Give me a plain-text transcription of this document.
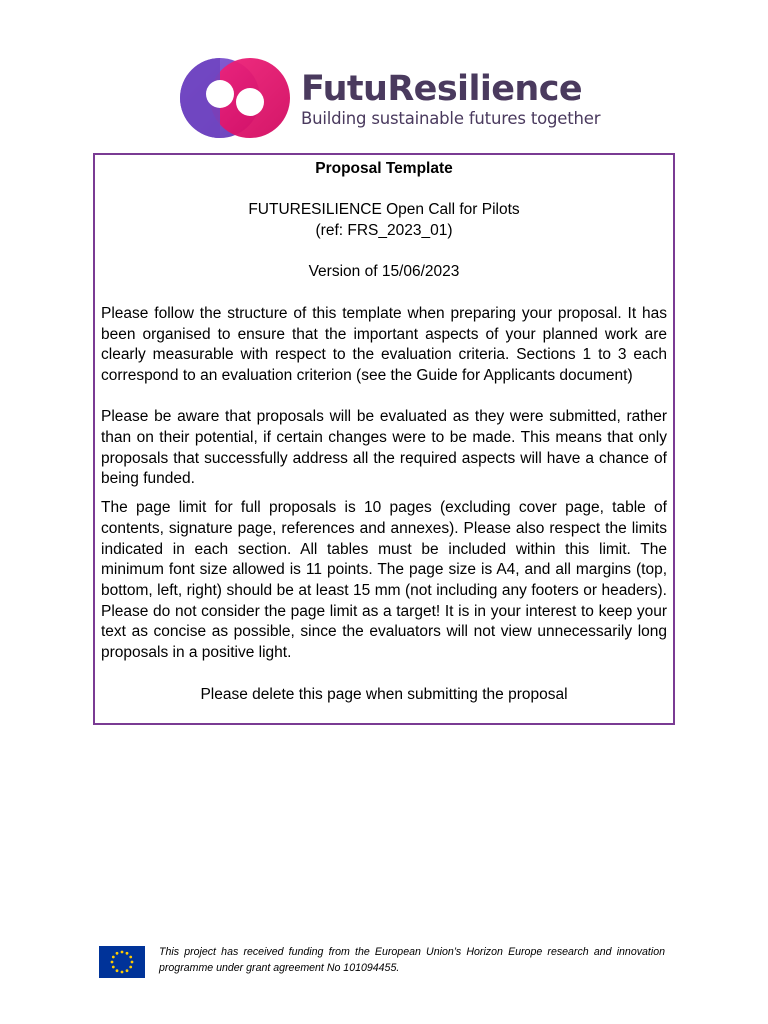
FutuResilience
Building sustainable futures together

Proposal Template

FUTURESILIENCE Open Call for Pilots

(ref: FRS_2023_01)

Version of 15/06/2023

Please follow the structure of this template when preparing your proposal. It has been organised to ensure that the important aspects of your planned work are clearly measurable with respect to the evaluation criteria. Sections 1 to 3 each correspond to an evaluation criterion (see the Guide for Applicants document)

Please be aware that proposals will be evaluated as they were submitted, rather than on their potential, if certain changes were to be made. This means that only proposals that successfully address all the required aspects will have a chance of being funded.

The page limit for full proposals is 10 pages (excluding cover page, table of contents, signature page, references and annexes). Please also respect the limits indicated in each section. All tables must be included within this limit. The minimum font size allowed is 11 points. The page size is A4, and all margins (top, bottom, left, right) should be at least 15 mm (not including any footers or headers). Please do not consider the page limit as a target! It is in your interest to keep your text as concise as possible, since the evaluators will not view unnecessarily long proposals in a positive light.

Please delete this page when submitting the proposal

This project has received funding from the European Union’s Horizon Europe research and innovation programme under grant agreement No 101094455.
